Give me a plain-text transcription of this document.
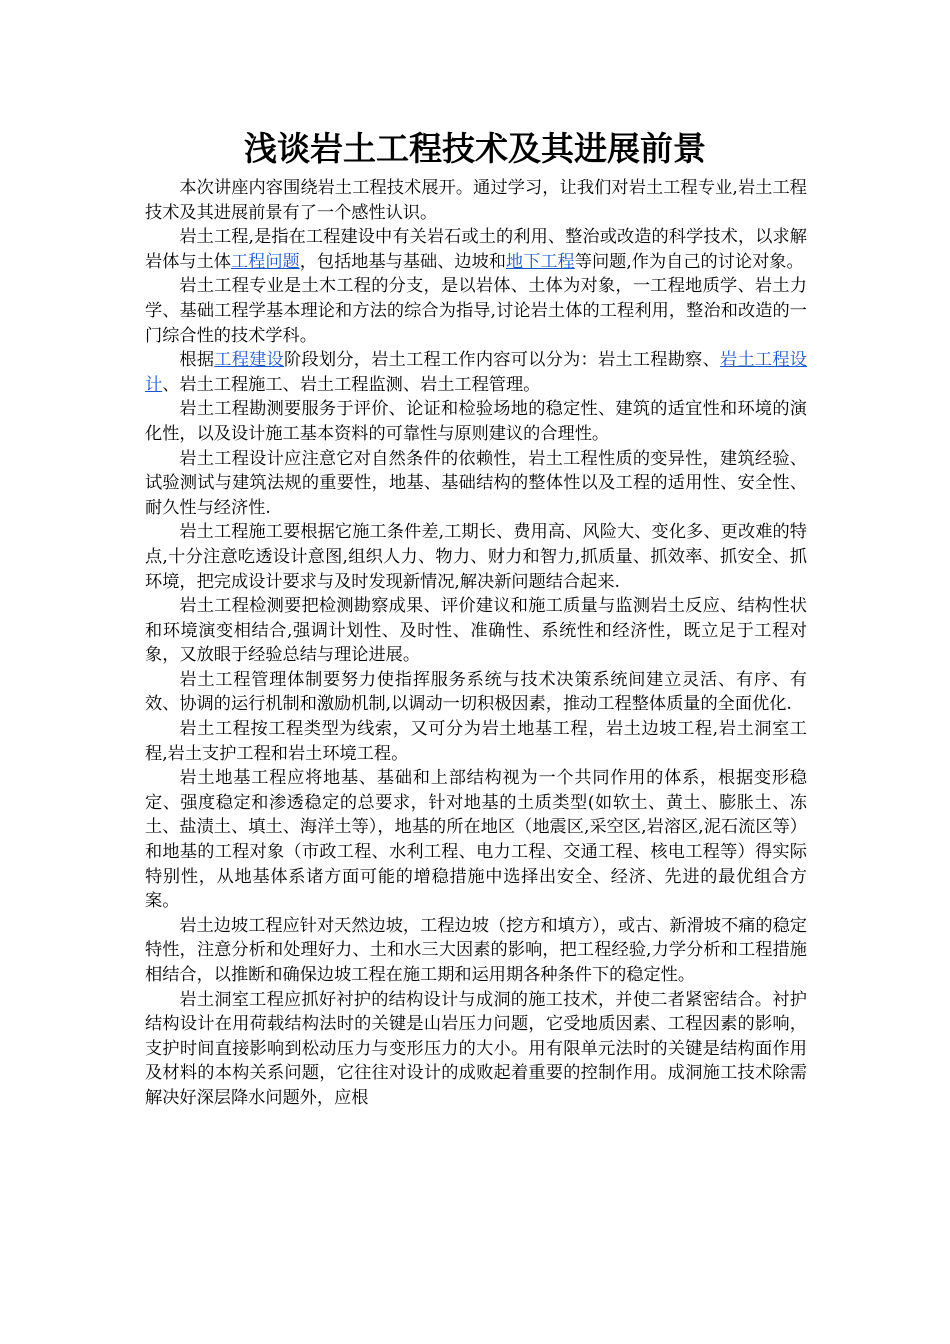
浅谈岩土工程技术及其进展前景

本次讲座内容围绕岩土工程技术展开。通过学习，让我们对岩土工程专业,岩土工程技术及其进展前景有了一个感性认识。

岩土工程,是指在工程建设中有关岩石或土的利用、整治或改造的科学技术，以求解岩体与土体工程问题，包括地基与基础、边坡和地下工程等问题,作为自己的讨论对象。

岩土工程专业是土木工程的分支，是以岩体、土体为对象，一工程地质学、岩土力学、基础工程学基本理论和方法的综合为指导,讨论岩土体的工程利用，整治和改造的一门综合性的技术学科。

根据工程建设阶段划分，岩土工程工作内容可以分为：岩土工程勘察、岩土工程设计、岩土工程施工、岩土工程监测、岩土工程管理。

岩土工程勘测要服务于评价、论证和检验场地的稳定性、建筑的适宜性和环境的演化性，以及设计施工基本资料的可靠性与原则建议的合理性。

岩土工程设计应注意它对自然条件的依赖性，岩土工程性质的变异性，建筑经验、试验测试与建筑法规的重要性，地基、基础结构的整体性以及工程的适用性、安全性、耐久性与经济性.

岩土工程施工要根据它施工条件差,工期长、费用高、风险大、变化多、更改难的特点,十分注意吃透设计意图,组织人力、物力、财力和智力,抓质量、抓效率、抓安全、抓环境，把完成设计要求与及时发现新情况,解决新问题结合起来.

岩土工程检测要把检测勘察成果、评价建议和施工质量与监测岩土反应、结构性状和环境演变相结合,强调计划性、及时性、准确性、系统性和经济性，既立足于工程对象，又放眼于经验总结与理论进展。

岩土工程管理体制要努力使指挥服务系统与技术决策系统间建立灵活、有序、有效、协调的运行机制和激励机制,以调动一切积极因素，推动工程整体质量的全面优化.

岩土工程按工程类型为线索，又可分为岩土地基工程，岩土边坡工程,岩土洞室工程,岩土支护工程和岩土环境工程。

岩土地基工程应将地基、基础和上部结构视为一个共同作用的体系，根据变形稳定、强度稳定和渗透稳定的总要求，针对地基的土质类型(如软土、黄土、膨胀土、冻土、盐渍土、填土、海洋土等），地基的所在地区（地震区,采空区,岩溶区,泥石流区等）和地基的工程对象（市政工程、水利工程、电力工程、交通工程、核电工程等）得实际特别性，从地基体系诸方面可能的增稳措施中选择出安全、经济、先进的最优组合方案。

岩土边坡工程应针对天然边坡，工程边坡（挖方和填方），或古、新滑坡不痛的稳定特性，注意分析和处理好力、土和水三大因素的影响，把工程经验,力学分析和工程措施相结合，以推断和确保边坡工程在施工期和运用期各种条件下的稳定性。

岩土洞室工程应抓好衬护的结构设计与成洞的施工技术，并使二者紧密结合。衬护结构设计在用荷载结构法时的关键是山岩压力问题，它受地质因素、工程因素的影响，支护时间直接影响到松动压力与变形压力的大小。用有限单元法时的关键是结构面作用及材料的本构关系问题，它往往对设计的成败起着重要的控制作用。成洞施工技术除需解决好深层降水问题外，应根
